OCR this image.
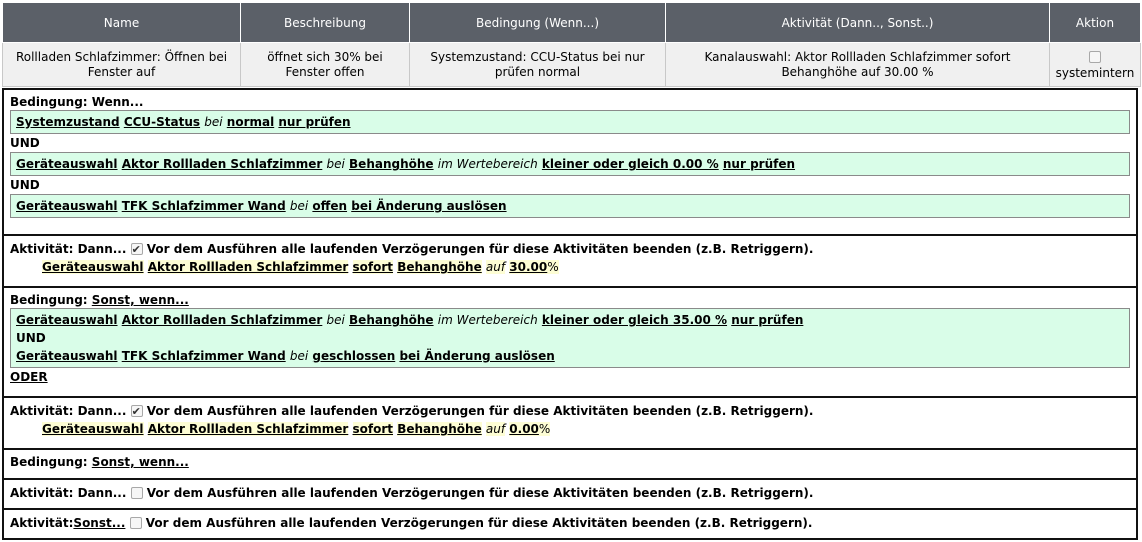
Name	Beschreibung	Bedingung (Wenn...)	Aktivität (Dann.., Sonst..)	Aktion
Rollladen Schlafzimmer: Öffnen bei Fenster auf	öffnet sich 30% bei Fenster offen	Systemzustand: CCU-Status bei nur prüfen normal	Kanalauswahl: Aktor Rollladen Schlafzimmer sofort Behanghöhe auf 30.00 %	systemintern
Bedingung: Wenn...
Systemzustand CCU-Status bei normal nur prüfen
UND
Geräteauswahl Aktor Rollladen Schlafzimmer bei Behanghöhe im Wertebereich kleiner oder gleich 0.00 % nur prüfen
UND
Geräteauswahl TFK Schlafzimmer Wand bei offen bei Änderung auslösen
Aktivität: Dann... ✔ Vor dem Ausführen alle laufenden Verzögerungen für diese Aktivitäten beenden (z.B. Retriggern).
Geräteauswahl Aktor Rollladen Schlafzimmer sofort Behanghöhe auf 30.00%
Bedingung: Sonst, wenn...
Geräteauswahl Aktor Rollladen Schlafzimmer bei Behanghöhe im Wertebereich kleiner oder gleich 35.00 % nur prüfen
UND
Geräteauswahl TFK Schlafzimmer Wand bei geschlossen bei Änderung auslösen
ODER
Aktivität: Dann... ✔ Vor dem Ausführen alle laufenden Verzögerungen für diese Aktivitäten beenden (z.B. Retriggern).
Geräteauswahl Aktor Rollladen Schlafzimmer sofort Behanghöhe auf 0.00%
Bedingung: Sonst, wenn...
Aktivität: Dann... Vor dem Ausführen alle laufenden Verzögerungen für diese Aktivitäten beenden (z.B. Retriggern).
Aktivität:Sonst... Vor dem Ausführen alle laufenden Verzögerungen für diese Aktivitäten beenden (z.B. Retriggern).
